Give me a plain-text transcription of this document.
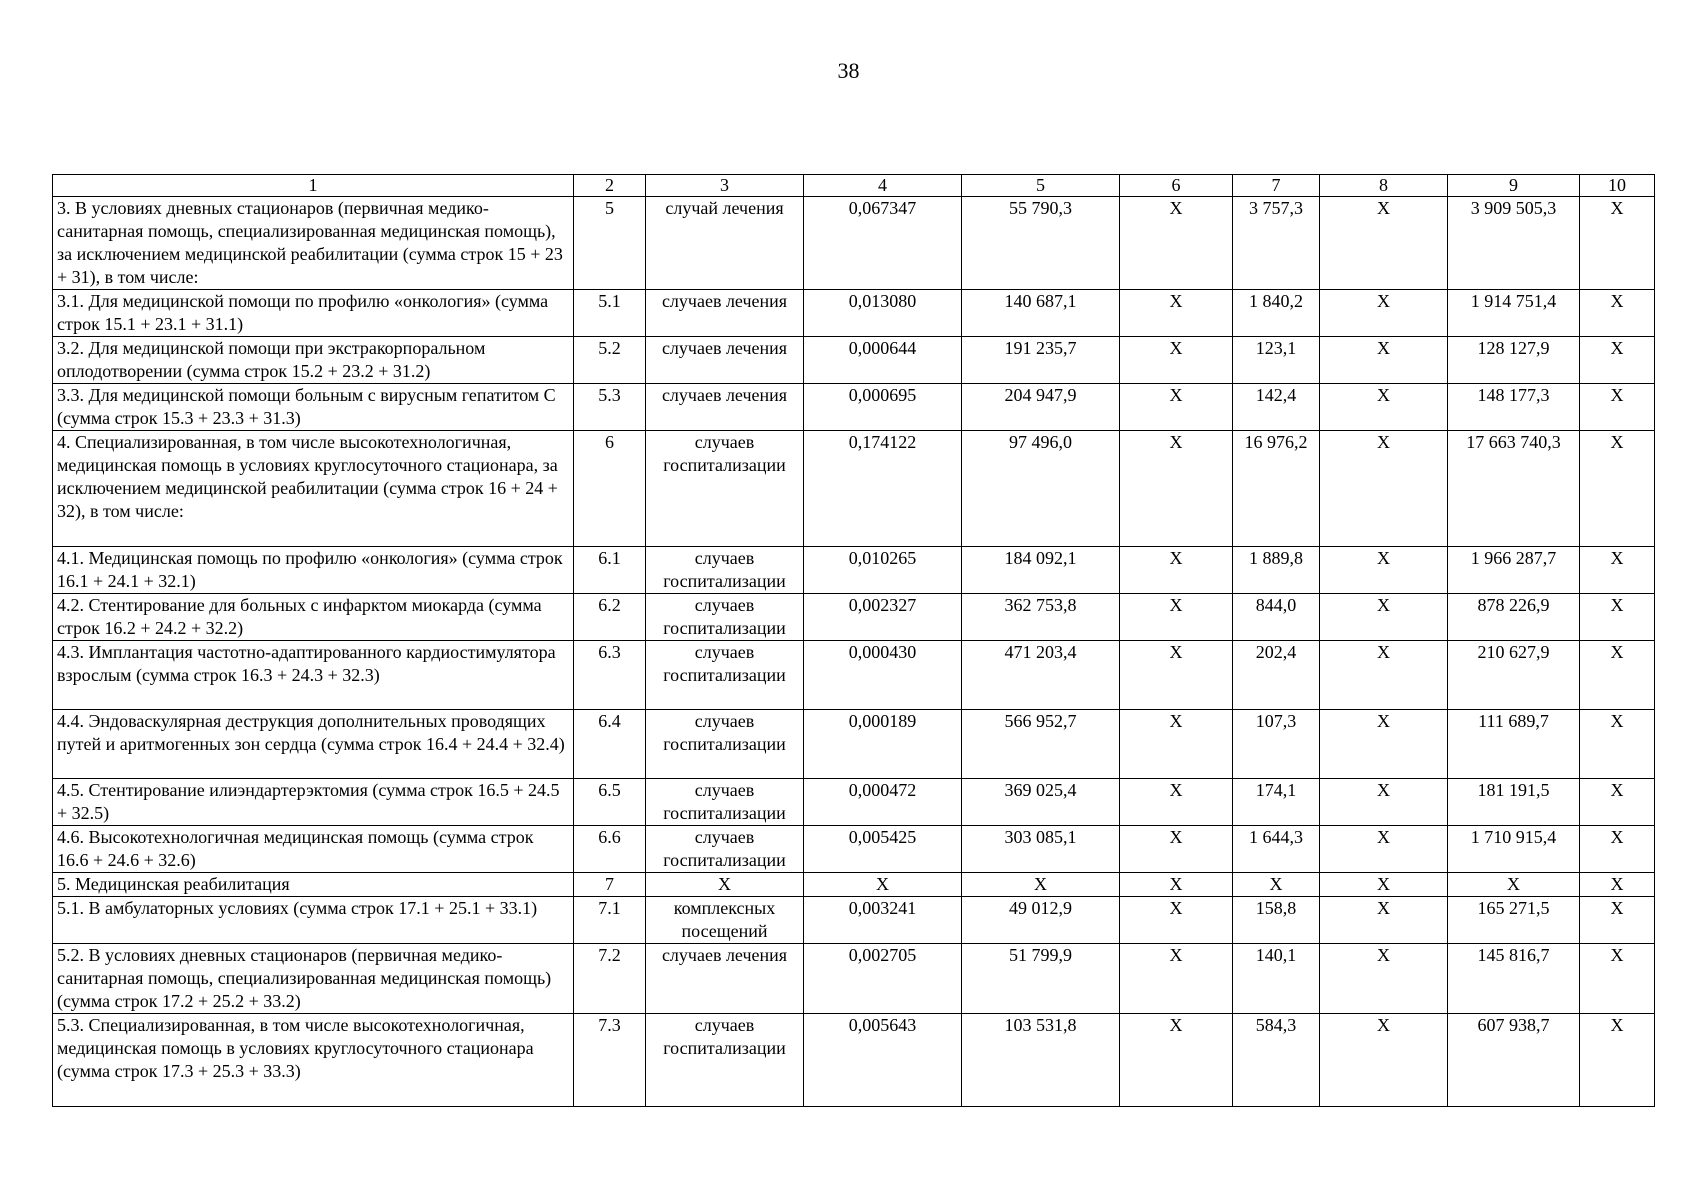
38
1	2	3	4	5	6	7	8	9	10
3. В условиях дневных стационаров (первичная медико-санитарная помощь, специализированная медицинская помощь), за исключением медицинской реабилитации (сумма строк 15 + 23 + 31), в том числе:	5	случай лечения	0,067347	55 790,3	Х	3 757,3	Х	3 909 505,3	Х
3.1. Для медицинской помощи по профилю «онкология» (сумма строк 15.1 + 23.1 + 31.1)	5.1	случаев лечения	0,013080	140 687,1	Х	1 840,2	Х	1 914 751,4	Х
3.2. Для медицинской помощи при экстракорпоральном оплодотворении (сумма строк 15.2 + 23.2 + 31.2)	5.2	случаев лечения	0,000644	191 235,7	Х	123,1	Х	128 127,9	Х
3.3. Для медицинской помощи больным с вирусным гепатитом С (сумма строк 15.3 + 23.3 + 31.3)	5.3	случаев лечения	0,000695	204 947,9	Х	142,4	Х	148 177,3	Х
4. Специализированная, в том числе высокотехнологичная, медицинская помощь в условиях круглосуточного стационара, за исключением медицинской реабилитации (сумма строк 16 + 24 + 32), в том числе:	6	случаев госпитализации	0,174122	97 496,0	Х	16 976,2	Х	17 663 740,3	Х
4.1. Медицинская помощь по профилю «онкология» (сумма строк 16.1 + 24.1 + 32.1)	6.1	случаев госпитализации	0,010265	184 092,1	Х	1 889,8	Х	1 966 287,7	Х
4.2. Стентирование для больных с инфарктом миокарда (сумма строк 16.2 + 24.2 + 32.2)	6.2	случаев госпитализации	0,002327	362 753,8	Х	844,0	Х	878 226,9	Х
4.3. Имплантация частотно-адаптированного кардиостимулятора взрослым (сумма строк 16.3 + 24.3 + 32.3)	6.3	случаев госпитализации	0,000430	471 203,4	Х	202,4	Х	210 627,9	Х
4.4. Эндоваскулярная деструкция дополнительных проводящих путей и аритмогенных зон сердца (сумма строк 16.4 + 24.4 + 32.4)	6.4	случаев госпитализации	0,000189	566 952,7	Х	107,3	Х	111 689,7	Х
4.5. Стентирование илиэндартерэктомия (сумма строк 16.5 + 24.5 + 32.5)	6.5	случаев госпитализации	0,000472	369 025,4	Х	174,1	Х	181 191,5	Х
4.6. Высокотехнологичная медицинская помощь (сумма строк 16.6 + 24.6 + 32.6)	6.6	случаев госпитализации	0,005425	303 085,1	Х	1 644,3	Х	1 710 915,4	Х
5. Медицинская реабилитация	7	Х	Х	Х	Х	Х	Х	Х	Х
5.1. В амбулаторных условиях (сумма строк 17.1 + 25.1 + 33.1)	7.1	комплексных посещений	0,003241	49 012,9	Х	158,8	Х	165 271,5	Х
5.2. В условиях дневных стационаров (первичная медико-санитарная помощь, специализированная медицинская помощь) (сумма строк 17.2 + 25.2 + 33.2)	7.2	случаев лечения	0,002705	51 799,9	Х	140,1	Х	145 816,7	Х
5.3. Специализированная, в том числе высокотехнологичная, медицинская помощь в условиях круглосуточного стационара (сумма строк 17.3 + 25.3 + 33.3)	7.3	случаев госпитализации	0,005643	103 531,8	Х	584,3	Х	607 938,7	Х
